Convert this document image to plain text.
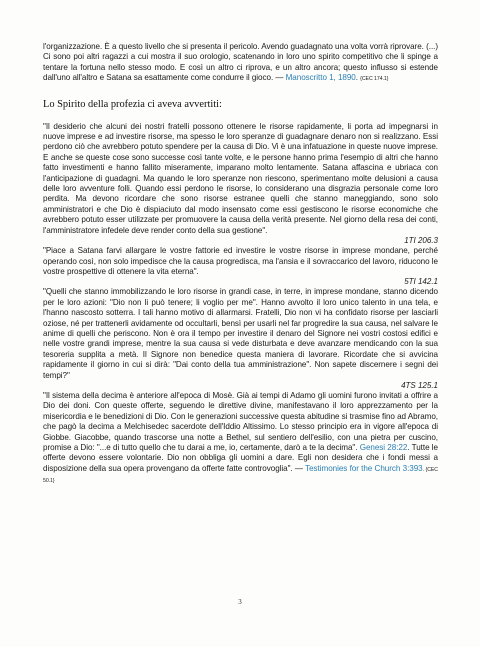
l'organizzazione. È a questo livello che si presenta il pericolo. Avendo guadagnato una volta vorrà riprovare. (...) Ci sono poi altri ragazzi a cui mostra il suo orologio, scatenando in loro uno spirito competitivo che li spinge a tentare la fortuna nello stesso modo. E così un altro ci riprova, e un altro ancora; questo influsso si estende dall'uno all'altro e Satana sa esattamente come condurre il gioco. — Manoscritto 1, 1890. {CEC 174.1}

Lo Spirito della profezia ci aveva avvertiti:

"Il desiderio che alcuni dei nostri fratelli possono ottenere le risorse rapidamente, li porta ad impegnarsi in nuove imprese e ad investire risorse, ma spesso le loro speranze di guadagnare denaro non si realizzano. Essi perdono ciò che avrebbero potuto spendere per la causa di Dio. Vi è una infatuazione in queste nuove imprese. E anche se queste cose sono successe così tante volte, e le persone hanno prima l'esempio di altri che hanno fatto investimenti e hanno fallito miseramente, imparano molto lentamente. Satana affascina e ubriaca con l'anticipazione di guadagni. Ma quando le loro speranze non riescono, sperimentano molte delusioni a causa delle loro avventure folli. Quando essi perdono le risorse, lo considerano una disgrazia personale come loro perdita. Ma devono ricordare che sono risorse estranee quelli che stanno maneggiando, sono solo amministratori e che Dio è dispiaciuto dal modo insensato come essi gestiscono le risorse economiche che avrebbero potuto esser utilizzate per promuovere la causa della verità presente. Nel giorno della resa dei conti, l'amministratore infedele deve render conto della sua gestione".

1TI 206.3

"Piace a Satana farvi allargare le vostre fattorie ed investire le vostre risorse in imprese mondane, perché operando così, non solo impedisce che la causa progredisca, ma l'ansia e il sovraccarico del lavoro, riducono le vostre prospettive di ottenere la vita eterna".

5TI 142.1

"Quelli che stanno immobilizzando le loro risorse in grandi case, in terre, in imprese mondane, stanno dicendo per le loro azioni: "Dio non li può tenere; li voglio per me". Hanno avvolto il loro unico talento in una tela, e l'hanno nascosto sotterra. I tali hanno motivo di allarmarsi. Fratelli, Dio non vi ha confidato risorse per lasciarli oziose, né per trattenerli avidamente od occultarli, bensì per usarli nel far progredire la sua causa, nel salvare le anime di quelli che periscono. Non è ora il tempo per investire il denaro del Signore nei vostri costosi edifici e nelle vostre grandi imprese, mentre la sua causa si vede disturbata e deve avanzare mendicando con la sua tesoreria supplita a metà. Il Signore non benedice questa maniera di lavorare. Ricordate che si avvicina rapidamente il giorno in cui si dirà: "Dai conto della tua amministrazione". Non sapete discernere i segni dei tempi?"

4TS 125.1

"Il sistema della decima è anteriore all'epoca di Mosè. Già ai tempi di Adamo gli uomini furono invitati a offrire a Dio dei doni. Con queste offerte, seguendo le direttive divine, manifestavano il loro apprezzamento per la misericordia e le benedizioni di Dio. Con le generazioni successive questa abitudine si trasmise fino ad Abramo, che pagò la decima a Melchisedec sacerdote dell'Iddio Altissimo. Lo stesso principio era in vigore all'epoca di Giobbe. Giacobbe, quando trascorse una notte a Bethel, sul sentiero dell'esilio, con una pietra per cuscino, promise a Dio: "...e di tutto quello che tu darai a me, io, certamente, darò a te la decima". Genesi 28:22. Tutte le offerte devono essere volontarie. Dio non obbliga gli uomini a dare. Egli non desidera che i fondi messi a disposizione della sua opera provengano da offerte fatte controvoglia". — Testimonies for the Church 3:393. {CEC 50.1}

3
